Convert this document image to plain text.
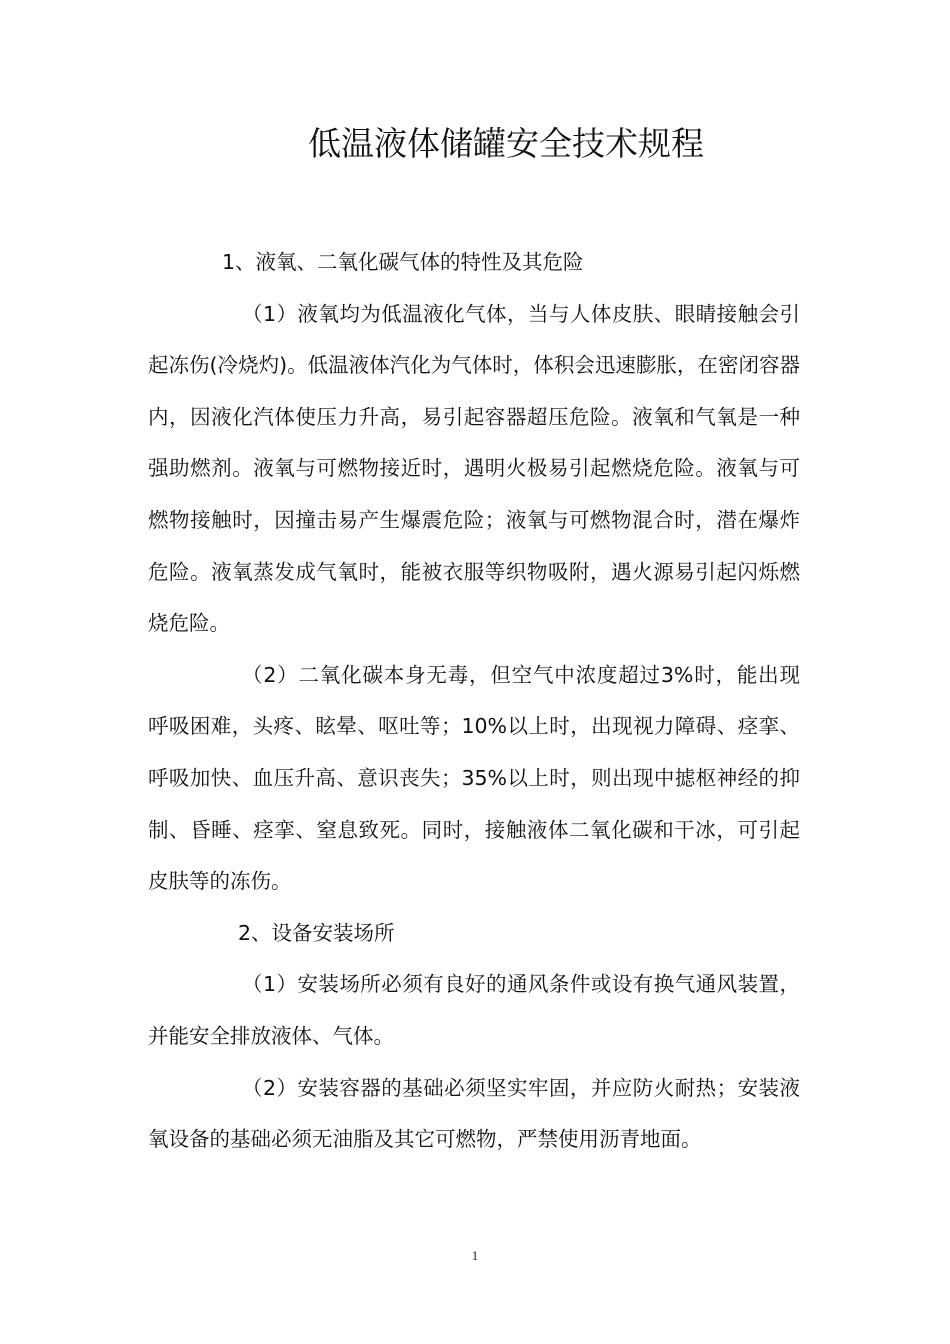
低温液体储罐安全技术规程

1、液氧、二氧化碳气体的特性及其危险

（1）液氧均为低温液化气体，当与人体皮肤、眼睛接触会引起冻伤(冷烧灼)。低温液体汽化为气体时，体积会迅速膨胀，在密闭容器内，因液化汽体使压力升高，易引起容器超压危险。液氧和气氧是一种强助燃剂。液氧与可燃物接近时，遇明火极易引起燃烧危险。液氧与可燃物接触时，因撞击易产生爆震危险；液氧与可燃物混合时，潜在爆炸危险。液氧蒸发成气氧时，能被衣服等织物吸附，遇火源易引起闪烁燃烧危险。

（2）二氧化碳本身无毒，但空气中浓度超过3%时，能出现呼吸困难，头疼、眩晕、呕吐等；10%以上时，出现视力障碍、痉挛、呼吸加快、血压升高、意识丧失；35%以上时，则出现中摅枢神经的抑制、昏睡、痉挛、窒息致死。同时，接触液体二氧化碳和干冰，可引起皮肤等的冻伤。

2、设备安装场所

（1）安装场所必须有良好的通风条件或设有换气通风装置，并能安全排放液体、气体。

（2）安装容器的基础必须坚实牢固，并应防火耐热；安装液氧设备的基础必须无油脂及其它可燃物，严禁使用沥青地面。

1
